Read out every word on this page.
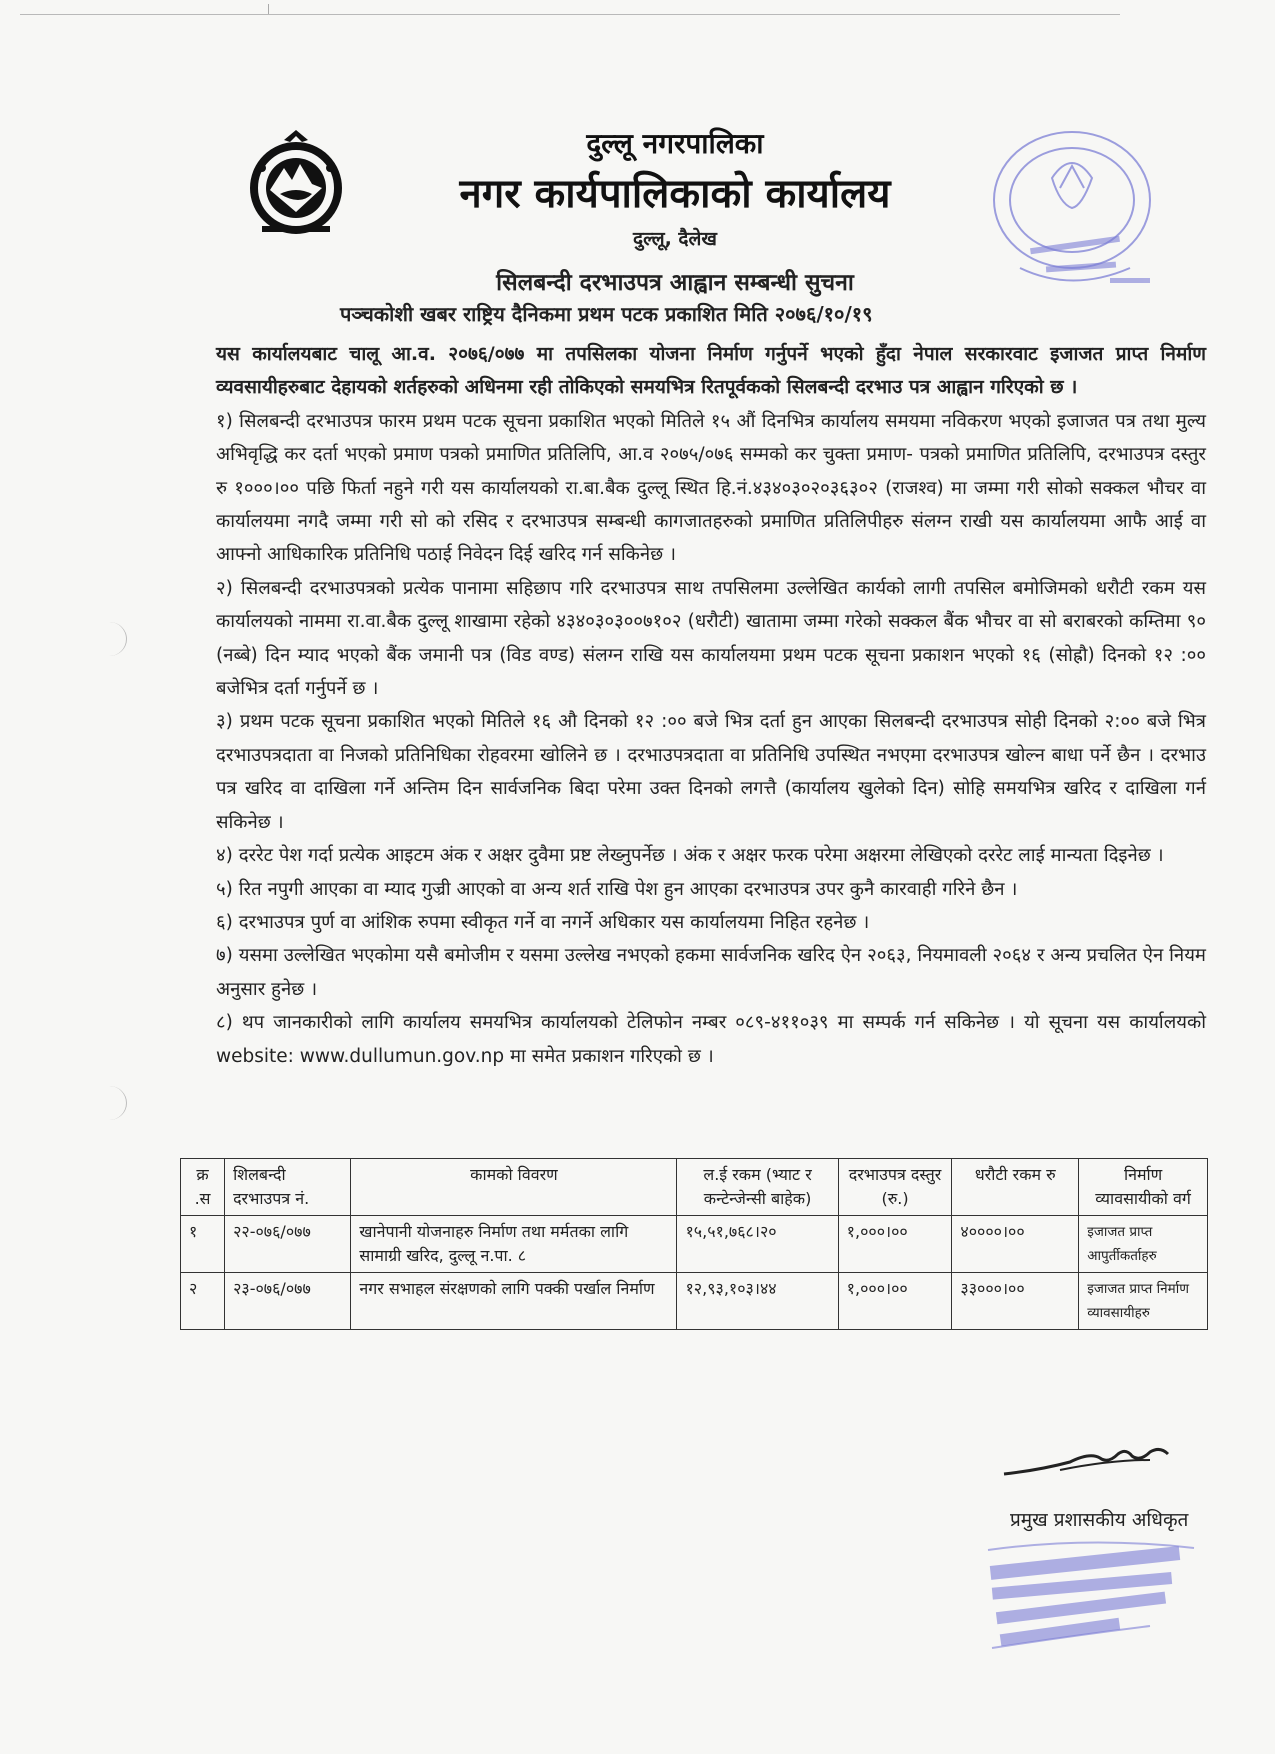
दुल्लू नगरपालिका
नगर कार्यपालिकाको कार्यालय
दुल्लू, दैलेख
सिलबन्दी दरभाउपत्र आह्वान सम्बन्धी सुचना
पञ्चकोशी खबर राष्ट्रिय दैनिकमा प्रथम पटक प्रकाशित मिति २०७६/१०/१९
यस कार्यालयबाट चालू आ.व. २०७६/०७७ मा तपसिलका योजना निर्माण गर्नुपर्ने भएको हुँदा नेपाल सरकारवाट इजाजत प्राप्त निर्माण व्यवसायीहरुबाट देहायको शर्तहरुको अधिनमा रही तोकिएको समयभित्र रितपूर्वकको सिलबन्दी दरभाउ पत्र आह्वान गरिएको छ ।
१) सिलबन्दी दरभाउपत्र फारम प्रथम पटक सूचना प्रकाशित भएको मितिले १५ औं दिनभित्र कार्यालय समयमा नविकरण भएको इजाजत पत्र तथा मुल्य अभिवृद्धि कर दर्ता भएको प्रमाण पत्रको प्रमाणित प्रतिलिपि, आ.व २०७५/०७६ सम्मको कर चुक्ता प्रमाण- पत्रको प्रमाणित प्रतिलिपि, दरभाउपत्र दस्तुर रु १०००।०० पछि फिर्ता नहुने गरी यस कार्यालयको रा.बा.बैक दुल्लू स्थित हि.नं.४३४०३०२०३६३०२ (राजश्व) मा जम्मा गरी सोको सक्कल भौचर वा कार्यालयमा नगदै जम्मा गरी सो को रसिद र दरभाउपत्र सम्बन्धी कागजातहरुको प्रमाणित प्रतिलिपीहरु संलग्न राखी यस कार्यालयमा आफै आई वा आफ्नो आधिकारिक प्रतिनिधि पठाई निवेदन दिई खरिद गर्न सकिनेछ ।
२) सिलबन्दी दरभाउपत्रको प्रत्येक पानामा सहिछाप गरि दरभाउपत्र साथ तपसिलमा उल्लेखित कार्यको लागी तपसिल बमोजिमको धरौटी रकम यस कार्यालयको नाममा रा.वा.बैक दुल्लू शाखामा रहेको ४३४०३०३००७१०२ (धरौटी) खातामा जम्मा गरेको सक्कल बैंक भौचर वा सो बराबरको कम्तिमा ९० (नब्बे) दिन म्याद भएको बैंक जमानी पत्र (विड वण्ड) संलग्न राखि यस कार्यालयमा प्रथम पटक सूचना प्रकाशन भएको १६ (सोह्रौ) दिनको १२ :०० बजेभित्र दर्ता गर्नुपर्ने छ ।
३) प्रथम पटक सूचना प्रकाशित भएको मितिले १६ औ दिनको १२ :०० बजे भित्र दर्ता हुन आएका सिलबन्दी दरभाउपत्र सोही दिनको २:०० बजे भित्र दरभाउपत्रदाता वा निजको प्रतिनिधिका रोहवरमा खोलिने छ । दरभाउपत्रदाता वा प्रतिनिधि उपस्थित नभएमा दरभाउपत्र खोल्न बाधा पर्ने छैन । दरभाउ पत्र खरिद वा दाखिला गर्ने अन्तिम दिन सार्वजनिक बिदा परेमा उक्त दिनको लगत्तै (कार्यालय खुलेको दिन) सोहि समयभित्र खरिद र दाखिला गर्न सकिनेछ ।
४) दररेट पेश गर्दा प्रत्येक आइटम अंक र अक्षर दुवैमा प्रष्ट लेख्नुपर्नेछ । अंक र अक्षर फरक परेमा अक्षरमा लेखिएको दररेट लाई मान्यता दिइनेछ ।
५) रित नपुगी आएका वा म्याद गुज्री आएको वा अन्य शर्त राखि पेश हुन आएका दरभाउपत्र उपर कुनै कारवाही गरिने छैन ।
६) दरभाउपत्र पुर्ण वा आंशिक रुपमा स्वीकृत गर्ने वा नगर्ने अधिकार यस कार्यालयमा निहित रहनेछ ।
७) यसमा उल्लेखित भएकोमा यसै बमोजीम र यसमा उल्लेख नभएको हकमा सार्वजनिक खरिद ऐन २०६३, नियमावली २०६४ र अन्य प्रचलित ऐन नियम अनुसार हुनेछ ।
८) थप जानकारीको लागि कार्यालय समयभित्र कार्यालयको टेलिफोन नम्बर ०८९-४११०३९ मा सम्पर्क गर्न सकिनेछ । यो सूचना यस कार्यालयको website: www.dullumun.gov.np मा समेत प्रकाशन गरिएको छ ।
क्र .स	शिलबन्दी दरभाउपत्र नं.	कामको विवरण	ल.ई रकम (भ्याट र कन्टेन्जेन्सी बाहेक)	दरभाउपत्र दस्तुर (रु.)	धरौटी रकम रु	निर्माण व्यावसायीको वर्ग
१	२२-०७६/०७७	खानेपानी योजनाहरु निर्माण तथा मर्मतका लागि सामाग्री खरिद, दुल्लू न.पा. ८	१५,५१,७६८।२०	१,०००।००	४००००।००	इजाजत प्राप्त आपुर्तीकर्ताहरु
२	२३-०७६/०७७	नगर सभाहल संरक्षणको लागि पक्की पर्खाल निर्माण	१२,९३,१०३।४४	१,०००।००	३३०००।००	इजाजत प्राप्त निर्माण व्यावसायीहरु
प्रमुख प्रशासकीय अधिकृत
